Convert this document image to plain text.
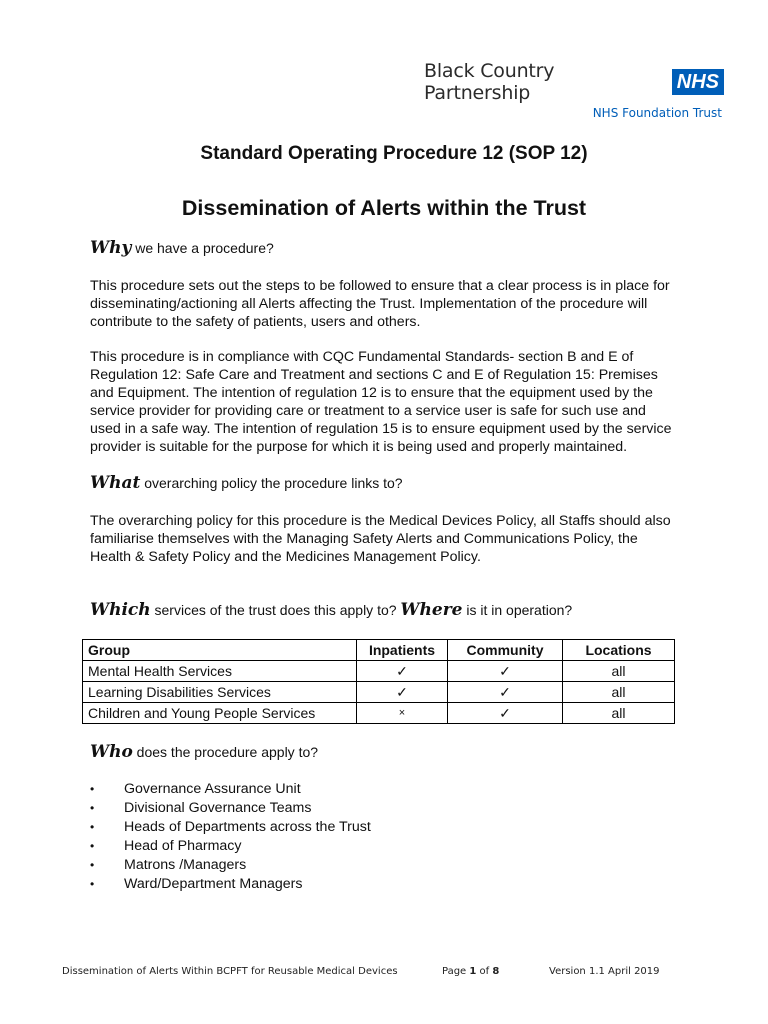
Black Country Partnership	NHS
NHS Foundation Trust
Standard Operating Procedure 12 (SOP 12)
Dissemination of Alerts within the Trust
Why we have a procedure?
This procedure sets out the steps to be followed to ensure that a clear process is in place for
disseminating/actioning all Alerts affecting the Trust. Implementation of the procedure will
contribute to the safety of patients, users and others.
This procedure is in compliance with CQC Fundamental Standards- section B and E of
Regulation 12: Safe Care and Treatment and sections C and E of Regulation 15: Premises
and Equipment. The intention of regulation 12 is to ensure that the equipment used by the
service provider for providing care or treatment to a service user is safe for such use and
used in a safe way. The intention of regulation 15 is to ensure equipment used by the service
provider is suitable for the purpose for which it is being used and properly maintained.
What overarching policy the procedure links to?
The overarching policy for this procedure is the Medical Devices Policy, all Staffs should also
familiarise themselves with the Managing Safety Alerts and Communications Policy, the
Health & Safety Policy and the Medicines Management Policy.
Which services of the trust does this apply to? Where is it in operation?
Group	Inpatients	Community	Locations
Mental Health Services	✓	✓	all
Learning Disabilities Services	✓	✓	all
Children and Young People Services	×	✓	all
Who does the procedure apply to?
• Governance Assurance Unit
• Divisional Governance Teams
• Heads of Departments across the Trust
• Head of Pharmacy
• Matrons /Managers
• Ward/Department Managers
Dissemination of Alerts Within BCPFT for Reusable Medical Devices	Page 1 of 8	Version 1.1 April 2019
